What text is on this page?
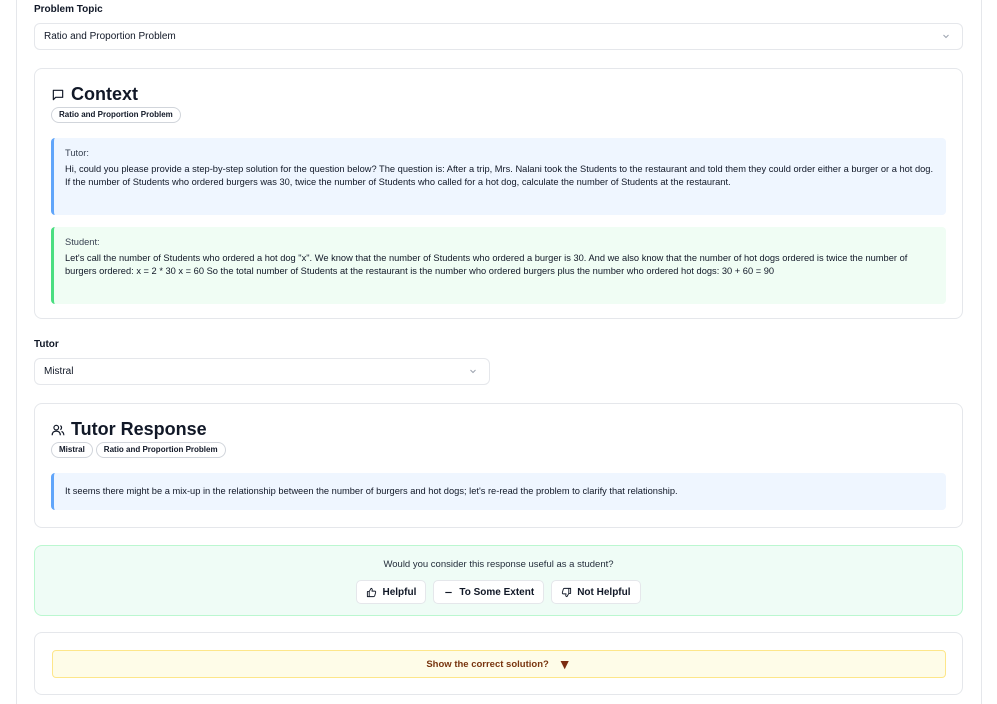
Problem Topic
Ratio and Proportion Problem
Context
Ratio and Proportion Problem
Tutor:
Hi, could you please provide a step-by-step solution for the question below? The question is: After a trip, Mrs. Nalani took the Students to the restaurant and told them they could order either a burger or a hot dog. If the number of Students who ordered burgers was 30, twice the number of Students who called for a hot dog, calculate the number of Students at the restaurant.
Student:
Let's call the number of Students who ordered a hot dog "x". We know that the number of Students who ordered a burger is 30. And we also know that the number of hot dogs ordered is twice the number of burgers ordered: x = 2 * 30 x = 60 So the total number of Students at the restaurant is the number who ordered burgers plus the number who ordered hot dogs: 30 + 60 = 90
Tutor
Mistral
Tutor Response
Mistral	Ratio and Proportion Problem
It seems there might be a mix-up in the relationship between the number of burgers and hot dogs; let's re-read the problem to clarify that relationship.
Would you consider this response useful as a student?
Helpful	To Some Extent	Not Helpful
Show the correct solution? ▼
